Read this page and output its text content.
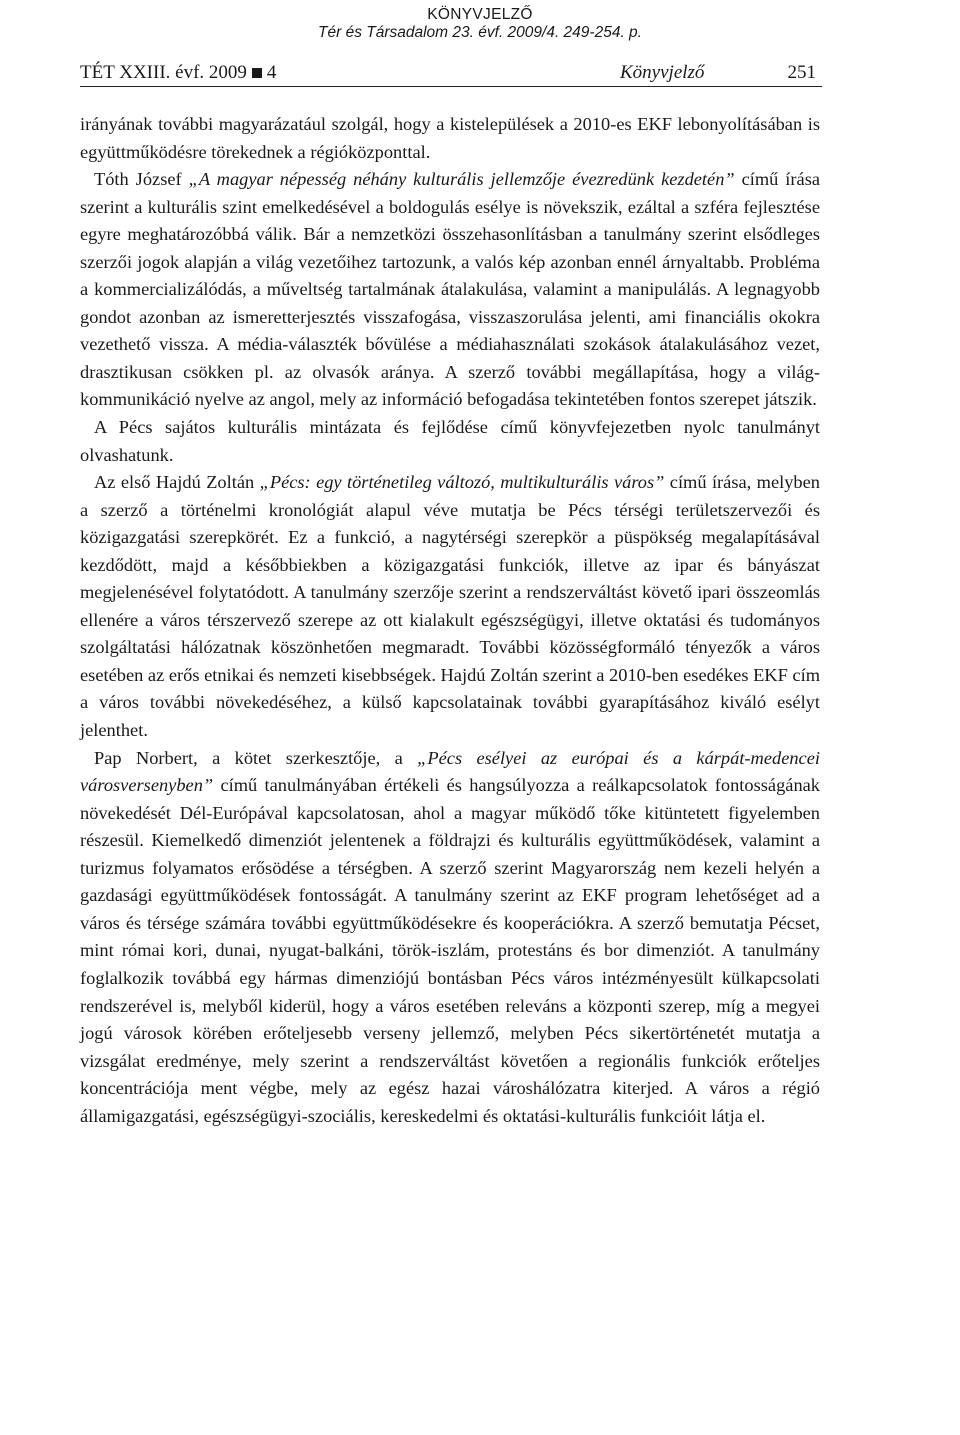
KÖNYVJELZŐ
Tér és Társadalom 23. évf. 2009/4. 249-254. p.
TÉT XXIII. évf. 2009 4	Könyvjelző	251

irányának további magyarázatául szolgál, hogy a kistelepülések a 2010-es EKF lebonyolításában is együttműködésre törekednek a régióközponttal.

Tóth József „A magyar népesség néhány kulturális jellemzője évezredünk kezdetén” című írása szerint a kulturális szint emelkedésével a boldogulás esélye is növekszik, ezáltal a szféra fejlesztése egyre meghatározóbbá válik. Bár a nemzetközi összehasonlításban a tanulmány szerint elsődleges szerzői jogok alapján a világ vezetőihez tartozunk, a valós kép azonban ennél árnyaltabb. Probléma a kommercializálódás, a műveltség tartalmának átalakulása, valamint a manipulálás. A legnagyobb gondot azonban az ismeretterjesztés visszafogása, visszaszorulása jelenti, ami financiális okokra vezethető vissza. A média-választék bővülése a médiahasználati szokások átalakulásához vezet, drasztikusan csökken pl. az olvasók aránya. A szerző további megállapítása, hogy a világ-kommunikáció nyelve az angol, mely az információ befogadása tekintetében fontos szerepet játszik.

A Pécs sajátos kulturális mintázata és fejlődése című könyvfejezetben nyolc tanulmányt olvashatunk.

Az első Hajdú Zoltán „Pécs: egy történetileg változó, multikulturális város” című írása, melyben a szerző a történelmi kronológiát alapul véve mutatja be Pécs térségi területszervezői és közigazgatási szerepkörét. Ez a funkció, a nagytérségi szerepkör a püspökség megalapításával kezdődött, majd a későbbiekben a közigazgatási funkciók, illetve az ipar és bányászat megjelenésével folytatódott. A tanulmány szerzője szerint a rendszerváltást követő ipari összeomlás ellenére a város térszervező szerepe az ott kialakult egészségügyi, illetve oktatási és tudományos szolgáltatási hálózatnak köszönhetően megmaradt. További közösségformáló tényezők a város esetében az erős etnikai és nemzeti kisebbségek. Hajdú Zoltán szerint a 2010-ben esedékes EKF cím a város további növekedéséhez, a külső kapcsolatainak további gyarapításához kiváló esélyt jelenthet.

Pap Norbert, a kötet szerkesztője, a „Pécs esélyei az európai és a kárpát-medencei városversenyben” című tanulmányában értékeli és hangsúlyozza a reálkapcsolatok fontosságának növekedését Dél-Európával kapcsolatosan, ahol a magyar működő tőke kitüntetett figyelemben részesül. Kiemelkedő dimenziót jelentenek a földrajzi és kulturális együttműködések, valamint a turizmus folyamatos erősödése a térségben. A szerző szerint Magyarország nem kezeli helyén a gazdasági együttműködések fontosságát. A tanulmány szerint az EKF program lehetőséget ad a város és térsége számára további együttműködésekre és kooperációkra. A szerző bemutatja Pécset, mint római kori, dunai, nyugat-balkáni, török-iszlám, protestáns és bor dimenziót. A tanulmány foglalkozik továbbá egy hármas dimenziójú bontásban Pécs város intézményesült külkapcsolati rendszerével is, melyből kiderül, hogy a város esetében releváns a központi szerep, míg a megyei jogú városok körében erőteljesebb verseny jellemző, melyben Pécs sikertörténetét mutatja a vizsgálat eredménye, mely szerint a rendszerváltást követően a regionális funkciók erőteljes koncentrációja ment végbe, mely az egész hazai városhálózatra kiterjed. A város a régió államigazgatási, egészségügyi-szociális, kereskedelmi és oktatási-kulturális funkcióit látja el.
